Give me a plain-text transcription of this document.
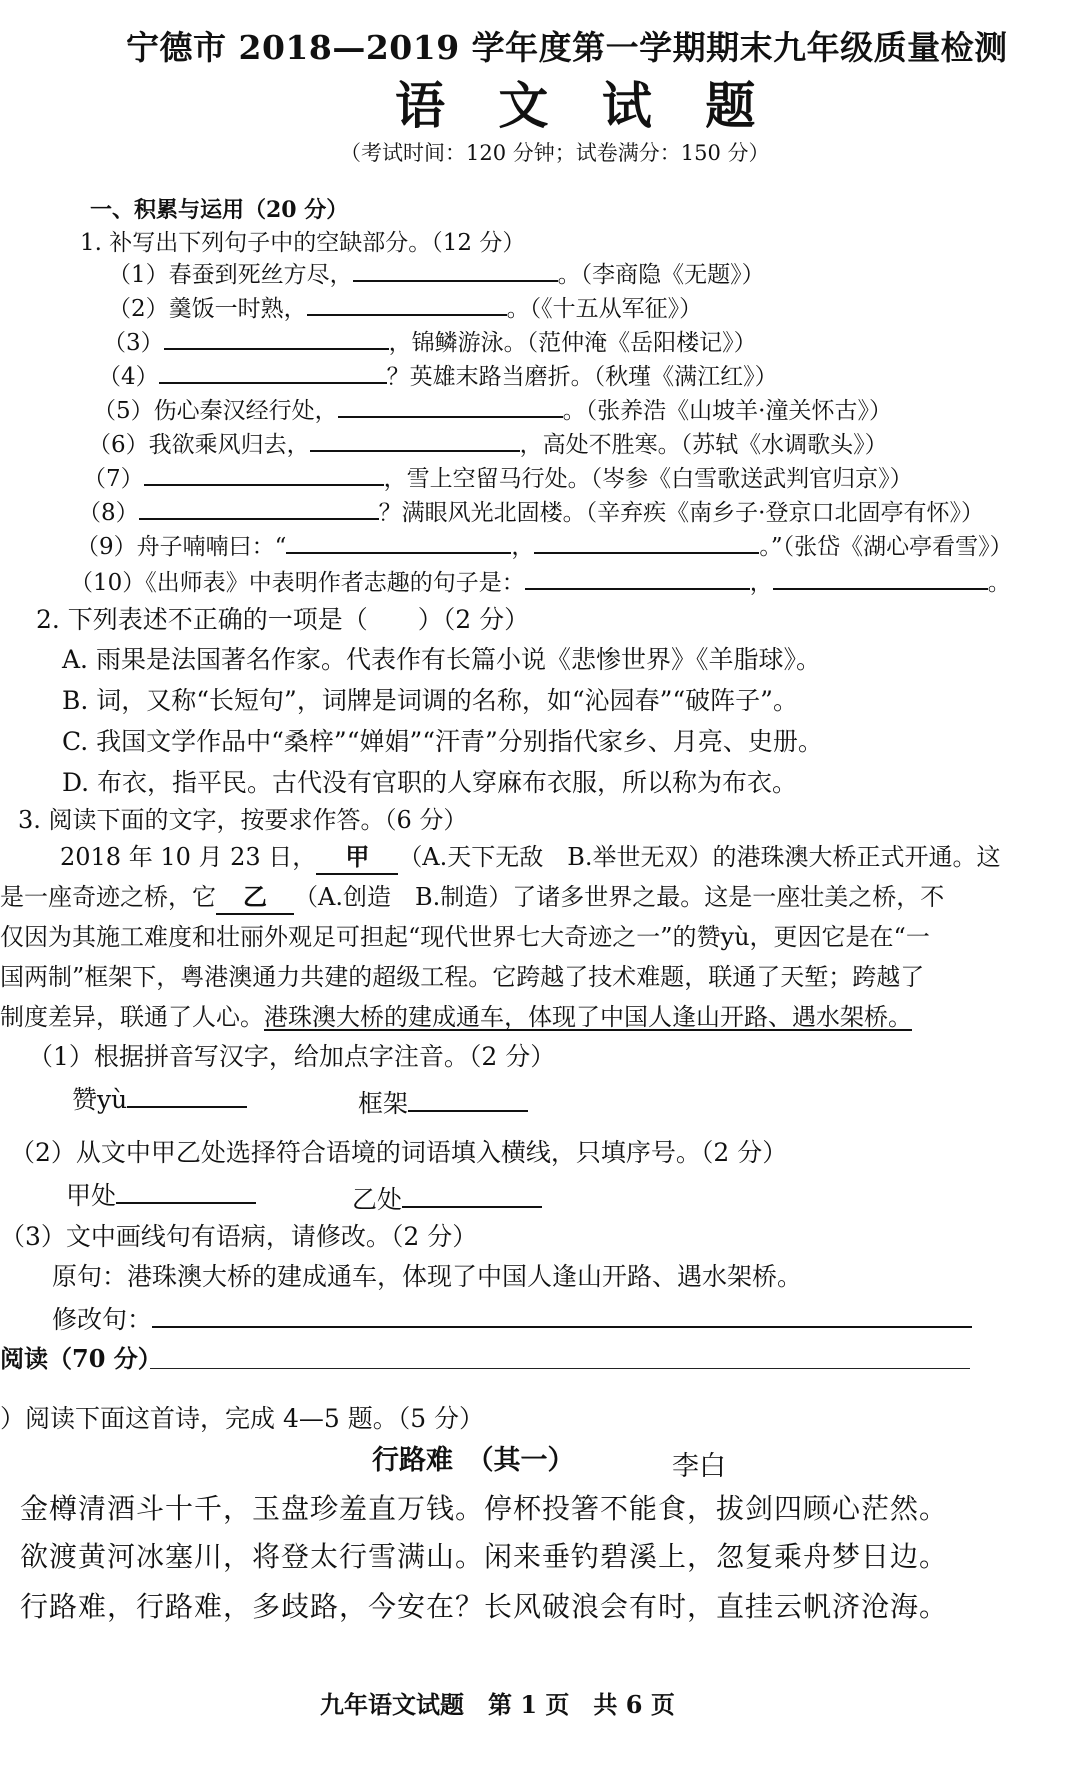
宁德市 2018—2019 学年度第一学期期末九年级质量检测
语 文 试 题
（考试时间：120 分钟；试卷满分：150 分）
一、积累与运用（20 分）
1. 补写出下列句子中的空缺部分。（12 分）
（1）春蚕到死丝方尽，	。（李商隐《无题》）
（2）羹饭一时熟，	。（《十五从军征》）
（3）	，锦鳞游泳。（范仲淹《岳阳楼记》）
（4）	？英雄末路当磨折。（秋瑾《满江红》）
（5）伤心秦汉经行处，	。（张养浩《山坡羊·潼关怀古》）
（6）我欲乘风归去，	，高处不胜寒。（苏轼《水调歌头》）
（7）	，雪上空留马行处。（岑参《白雪歌送武判官归京》）
（8）	？满眼风光北固楼。（辛弃疾《南乡子·登京口北固亭有怀》）
（9）舟子喃喃曰：“	，	。”（张岱《湖心亭看雪》）
（10）《出师表》中表明作者志趣的句子是：	，	。
2. 下列表述不正确的一项是（　　）（2 分）
A. 雨果是法国著名作家。代表作有长篇小说《悲惨世界》《羊脂球》。
B. 词，又称“长短句”，词牌是词调的名称，如“沁园春”“破阵子”。
C. 我国文学作品中“桑梓”“婵娟”“汗青”分别指代家乡、月亮、史册。
D. 布衣，指平民。古代没有官职的人穿麻布衣服，所以称为布衣。
3. 阅读下面的文字，按要求作答。（6 分）
2018 年 10 月 23 日， 甲 （A.天下无敌　B.举世无双）的港珠澳大桥正式开通。这
是一座奇迹之桥，它 乙 （A.创造　B.制造）了诸多世界之最。这是一座壮美之桥，不
仅因为其施工难度和壮丽外观足可担起“现代世界七大奇迹之一”的赞yù，更因它是在“一
国两制”框架下，粤港澳通力共建的超级工程。它跨越了技术难题，联通了天堑；跨越了
制度差异，联通了人心。港珠澳大桥的建成通车，体现了中国人逢山开路、遇水架桥。
（1）根据拼音写汉字，给加点字注音。（2 分）
赞yù	框架
（2）从文中甲乙处选择符合语境的词语填入横线，只填序号。（2 分）
甲处	乙处
（3）文中画线句有语病，请修改。（2 分）
原句：港珠澳大桥的建成通车，体现了中国人逢山开路、遇水架桥。
修改句：
阅读（70 分）
）阅读下面这首诗，完成 4—5 题。（5 分）
行路难　（其一）	李白
金樽清酒斗十千，玉盘珍羞直万钱。停杯投箸不能食，拔剑四顾心茫然。
欲渡黄河冰塞川，将登太行雪满山。闲来垂钓碧溪上，忽复乘舟梦日边。
行路难，行路难，多歧路，今安在？长风破浪会有时，直挂云帆济沧海。
九年语文试题　第 1 页　共 6 页
